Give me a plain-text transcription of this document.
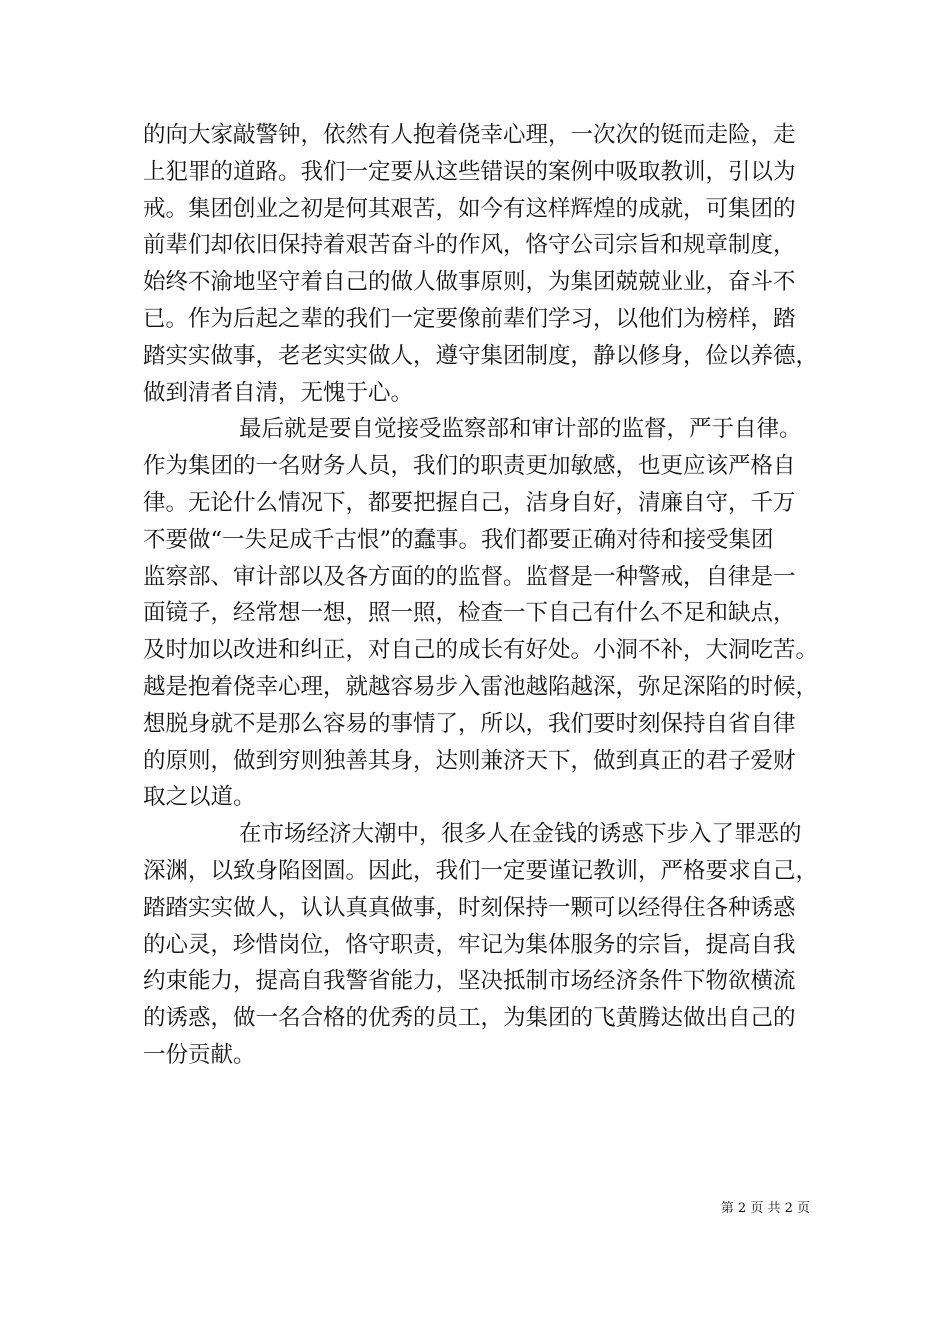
的向大家敲警钟，依然有人抱着侥幸心理，一次次的铤而走险，走
上犯罪的道路。我们一定要从这些错误的案例中吸取教训，引以为
戒。集团创业之初是何其艰苦，如今有这样辉煌的成就，可集团的
前辈们却依旧保持着艰苦奋斗的作风，恪守公司宗旨和规章制度，
始终不渝地坚守着自己的做人做事原则，为集团兢兢业业，奋斗不
已。作为后起之辈的我们一定要像前辈们学习，以他们为榜样，踏
踏实实做事，老老实实做人，遵守集团制度，静以修身，俭以养德，
做到清者自清，无愧于心。
最后就是要自觉接受监察部和审计部的监督，严于自律。
作为集团的一名财务人员，我们的职责更加敏感，也更应该严格自
律。无论什么情况下，都要把握自己，洁身自好，清廉自守，千万
不要做“一失足成千古恨”的蠢事。我们都要正确对待和接受集团
监察部、审计部以及各方面的的监督。监督是一种警戒，自律是一
面镜子，经常想一想，照一照，检查一下自己有什么不足和缺点，
及时加以改进和纠正，对自己的成长有好处。小洞不补，大洞吃苦。
越是抱着侥幸心理，就越容易步入雷池越陷越深，弥足深陷的时候，
想脱身就不是那么容易的事情了，所以，我们要时刻保持自省自律
的原则，做到穷则独善其身，达则兼济天下，做到真正的君子爱财
取之以道。
在市场经济大潮中，很多人在金钱的诱惑下步入了罪恶的
深渊，以致身陷囹圄。因此，我们一定要谨记教训，严格要求自己，
踏踏实实做人，认认真真做事，时刻保持一颗可以经得住各种诱惑
的心灵，珍惜岗位，恪守职责，牢记为集体服务的宗旨，提高自我
约束能力，提高自我警省能力，坚决抵制市场经济条件下物欲横流
的诱惑，做一名合格的优秀的员工，为集团的飞黄腾达做出自己的
一份贡献。
第 2 页 共 2 页
